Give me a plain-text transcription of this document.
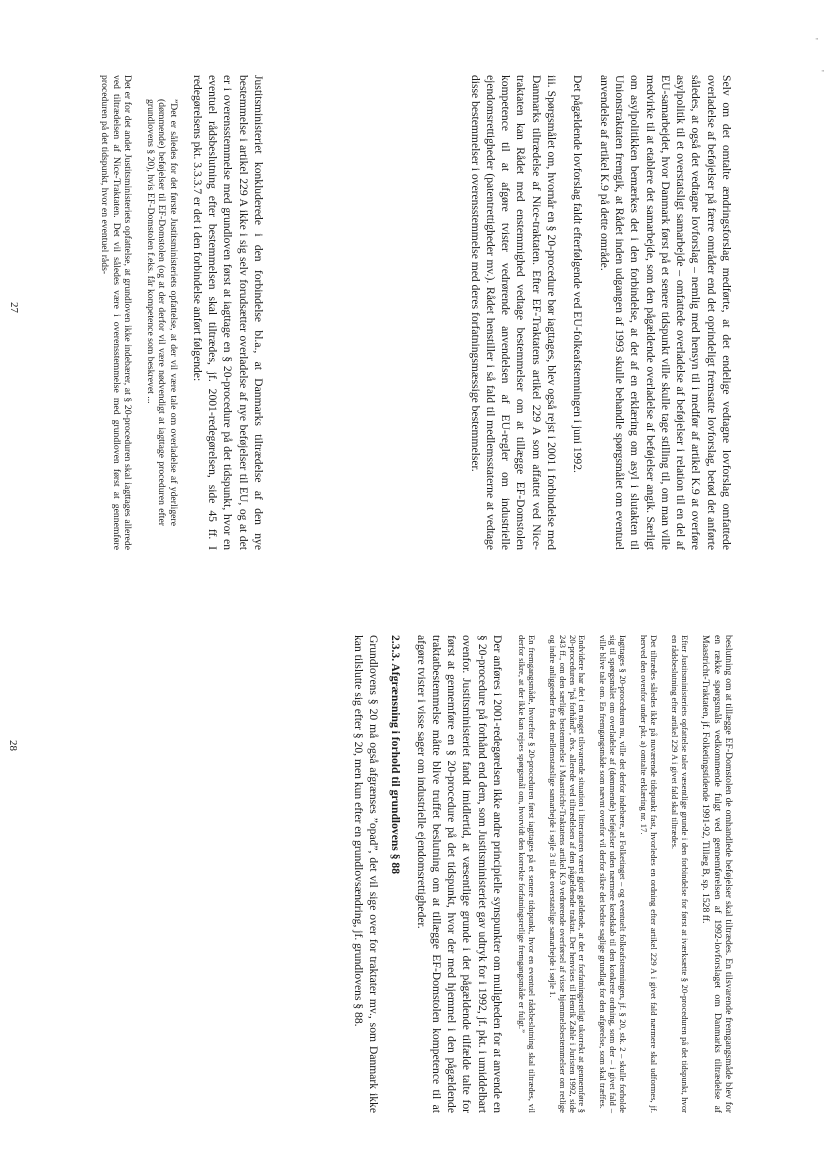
Selv om det omtalte ændringsforslag medførte, at det endelige vedtagne lovforslag omfattede overladelse af beføjelser på færre områder end det oprindeligt fremsatte lovforslag, betød det anførte således, at også det vedtagne lovforslag – nemlig med hensyn til i medfør af artikel K.9 at overføre asylpolitik til et overstatsligt samarbejde – omfattede overladelse af beføjelser i relation til en del af EU-samarbejdet, hvor Danmark først på et senere tidspunkt ville skulle tage stilling til, om man ville medvirke til at etablere det samarbejde, som den pågældende overladelse af beføjelser angik. Særligt om asylpolitikken bemærkes det i den forbindelse, at det af en erklæring om asyl i slutakten til Unionstraktaten fremgik, at Rådet inden udgangen af 1993 skulle behandle spørgsmålet om eventuel anvendelse af artikel K.9 på dette område.

Det pågældende lovforslag faldt efterfølgende ved EU-folkeafstemningen i juni 1992.

iii. Spørgsmålet om, hvornår en § 20-procedure bør iagttages, blev også rejst i 2001 i forbindelse med Danmarks tiltrædelse af Nice-traktaten. Efter EF-Traktatens artikel 229 A som affattet ved Nice-traktaten kan Rådet med enstemmighed vedtage bestemmelser om at tillægge EF-Domstolen kompetence til at afgøre tvister vedrørende anvendelsen af EU-regler om industrielle ejendomsrettigheder (patentrettigheder mv.). Rådet henstiller i så fald til medlemsstaterne at vedtage disse bestemmelser i overensstemmelse med deres forfatningsmæssige bestemmelser.

Justitsministeriet konkluderede i den forbindelse bl.a., at Danmarks tiltrædelse af den nye bestemmelse i artikel 229 A ikke i sig selv forudsætter overladelse af nye beføjelser til EU, og at det er i overensstemmelse med grundloven først at iagttage en § 20-procedure på det tidspunkt, hvor en eventuel rådsbeslutning efter bestemmelsen skal tiltrædes, jf. 2001-redegørelsen, side 45 ff. I redegørelsens pkt. 3.3.3.7 er det i den forbindelse anført følgende:

”Det er således for det første Justitsministeriets opfattelse, at der vil være tale om overladelse af yderligere (dømmende) beføjelser til EF-Domstolen (og at der derfor vil være nødvendigt at iagttage proceduren efter grundlovens § 20), hvis EF-Domstolen f.eks. får kompetence som beskrevet ...

Det er for det andet Justitsministeriets opfattelse, at grundloven ikke indebærer, at § 20-proceduren skal iagttages allerede ved tiltrædelsen af Nice-Traktaten. Det vil således være i overensstemmelse med grundloven først at gennemføre proceduren på det tidspunkt, hvor en eventuel råds-

27

beslutning om at tillægge EF-Domstolen de omhandlede beføjelser skal tiltrædes. En tilsvarende fremgangsmåde blev for en række spørgsmåls vedkommende fulgt ved gennemførelsen af 1992-lovforslaget om Danmarks tiltrædelse af Maastricht-Traktaten, jf. Folketingstidende 1991-92, Tillæg B, sp. 1528 ff.

Efter Justitsministeriets opfattelse taler væsentlige grunde i den forbindelse for først at iværksætte § 20-proceduren på det tidspunkt, hvor en rådsbeslutning efter artikel 229 A i givet fald skal tiltrædes.

Det tiltrædes således ikke på nuværende tidspunkt fast, hvorledes en ordning efter artikel 229 A i givet fald nærmere skal udformes, jf. herved den ovenfor under pkt. a) omtalte erklæring nr. 17.

Iagttages § 20-proceduren nu, ville det derfor indebære, at Folketinget – og eventuelt folkeafstemningen, jf. § 20, stk. 2 – skulle forholde sig til spørgsmålet om overladelse af (dømmende) beføjelser uden nærmere kendskab til den konkrete ordning, som der – i givet fald – ville blive tale om. En fremgangsmåde som nævnt ovenfor vil derfor sikre det bedste saglige grundlag for den afgørelse, som skal træffes.

Endvidere har det i en noget tilsvarende situation i litteraturen været gjort gældende, at det er forfatningsretligt ukorrekt at gennemføre § 20-proceduren ”på forhånd”, dvs. allerede ved tiltrædelsen af den pågældende traktat. Der henvises til Henrik Zahle i Juristen 1992, side 243 ff., om den særlige bestemmelse i Maastricht-Traktatens artikel K.9 vedrørende overførsel af visse hjemmelsbestemmelser om retlige og indre anliggender fra det mellemstatslige samarbejde i søjle 3 til det overstatslige samarbejde i søjle 1.

En fremgangsmåde, hvorefter § 20-proceduren først iagttages på et senere tidspunkt, hvor en eventuel rådsbeslutning skal tiltrædes, vil derfor sikre, at der ikke kan rejses spørgsmål om, hvorvidt den korrekte forfatningsretlige fremgangsmåde er fulgt.”

Der anføres i 2001-redegørelsen ikke andre principielle synspunkter om muligheden for at anvende en § 20-procedure på forhånd end dem, som Justitsministeriet gav udtryk for i 1992, jf. pkt. i umiddelbart ovenfor. Justitsministeriet fandt imidlertid, at væsentlige grunde i det pågældende tilfælde talte for først at gennemføre en § 20-procedure på det tidspunkt, hvor der med hjemmel i den pågældende traktatbestemmelse måtte blive truffet beslutning om at tillægge EF-Domstolen kompetence til at afgøre tvister i visse sager om industrielle ejendomsrettigheder.

2.3.3. Afgrænsning i forhold til grundlovens § 88

Grundlovens § 20 må også afgrænses ”opad”, det vil sige over for traktater mv., som Danmark ikke kan tilslutte sig efter § 20, men kun efter en grundlovsændring, jf. grundlovens § 88.

28
'
'
